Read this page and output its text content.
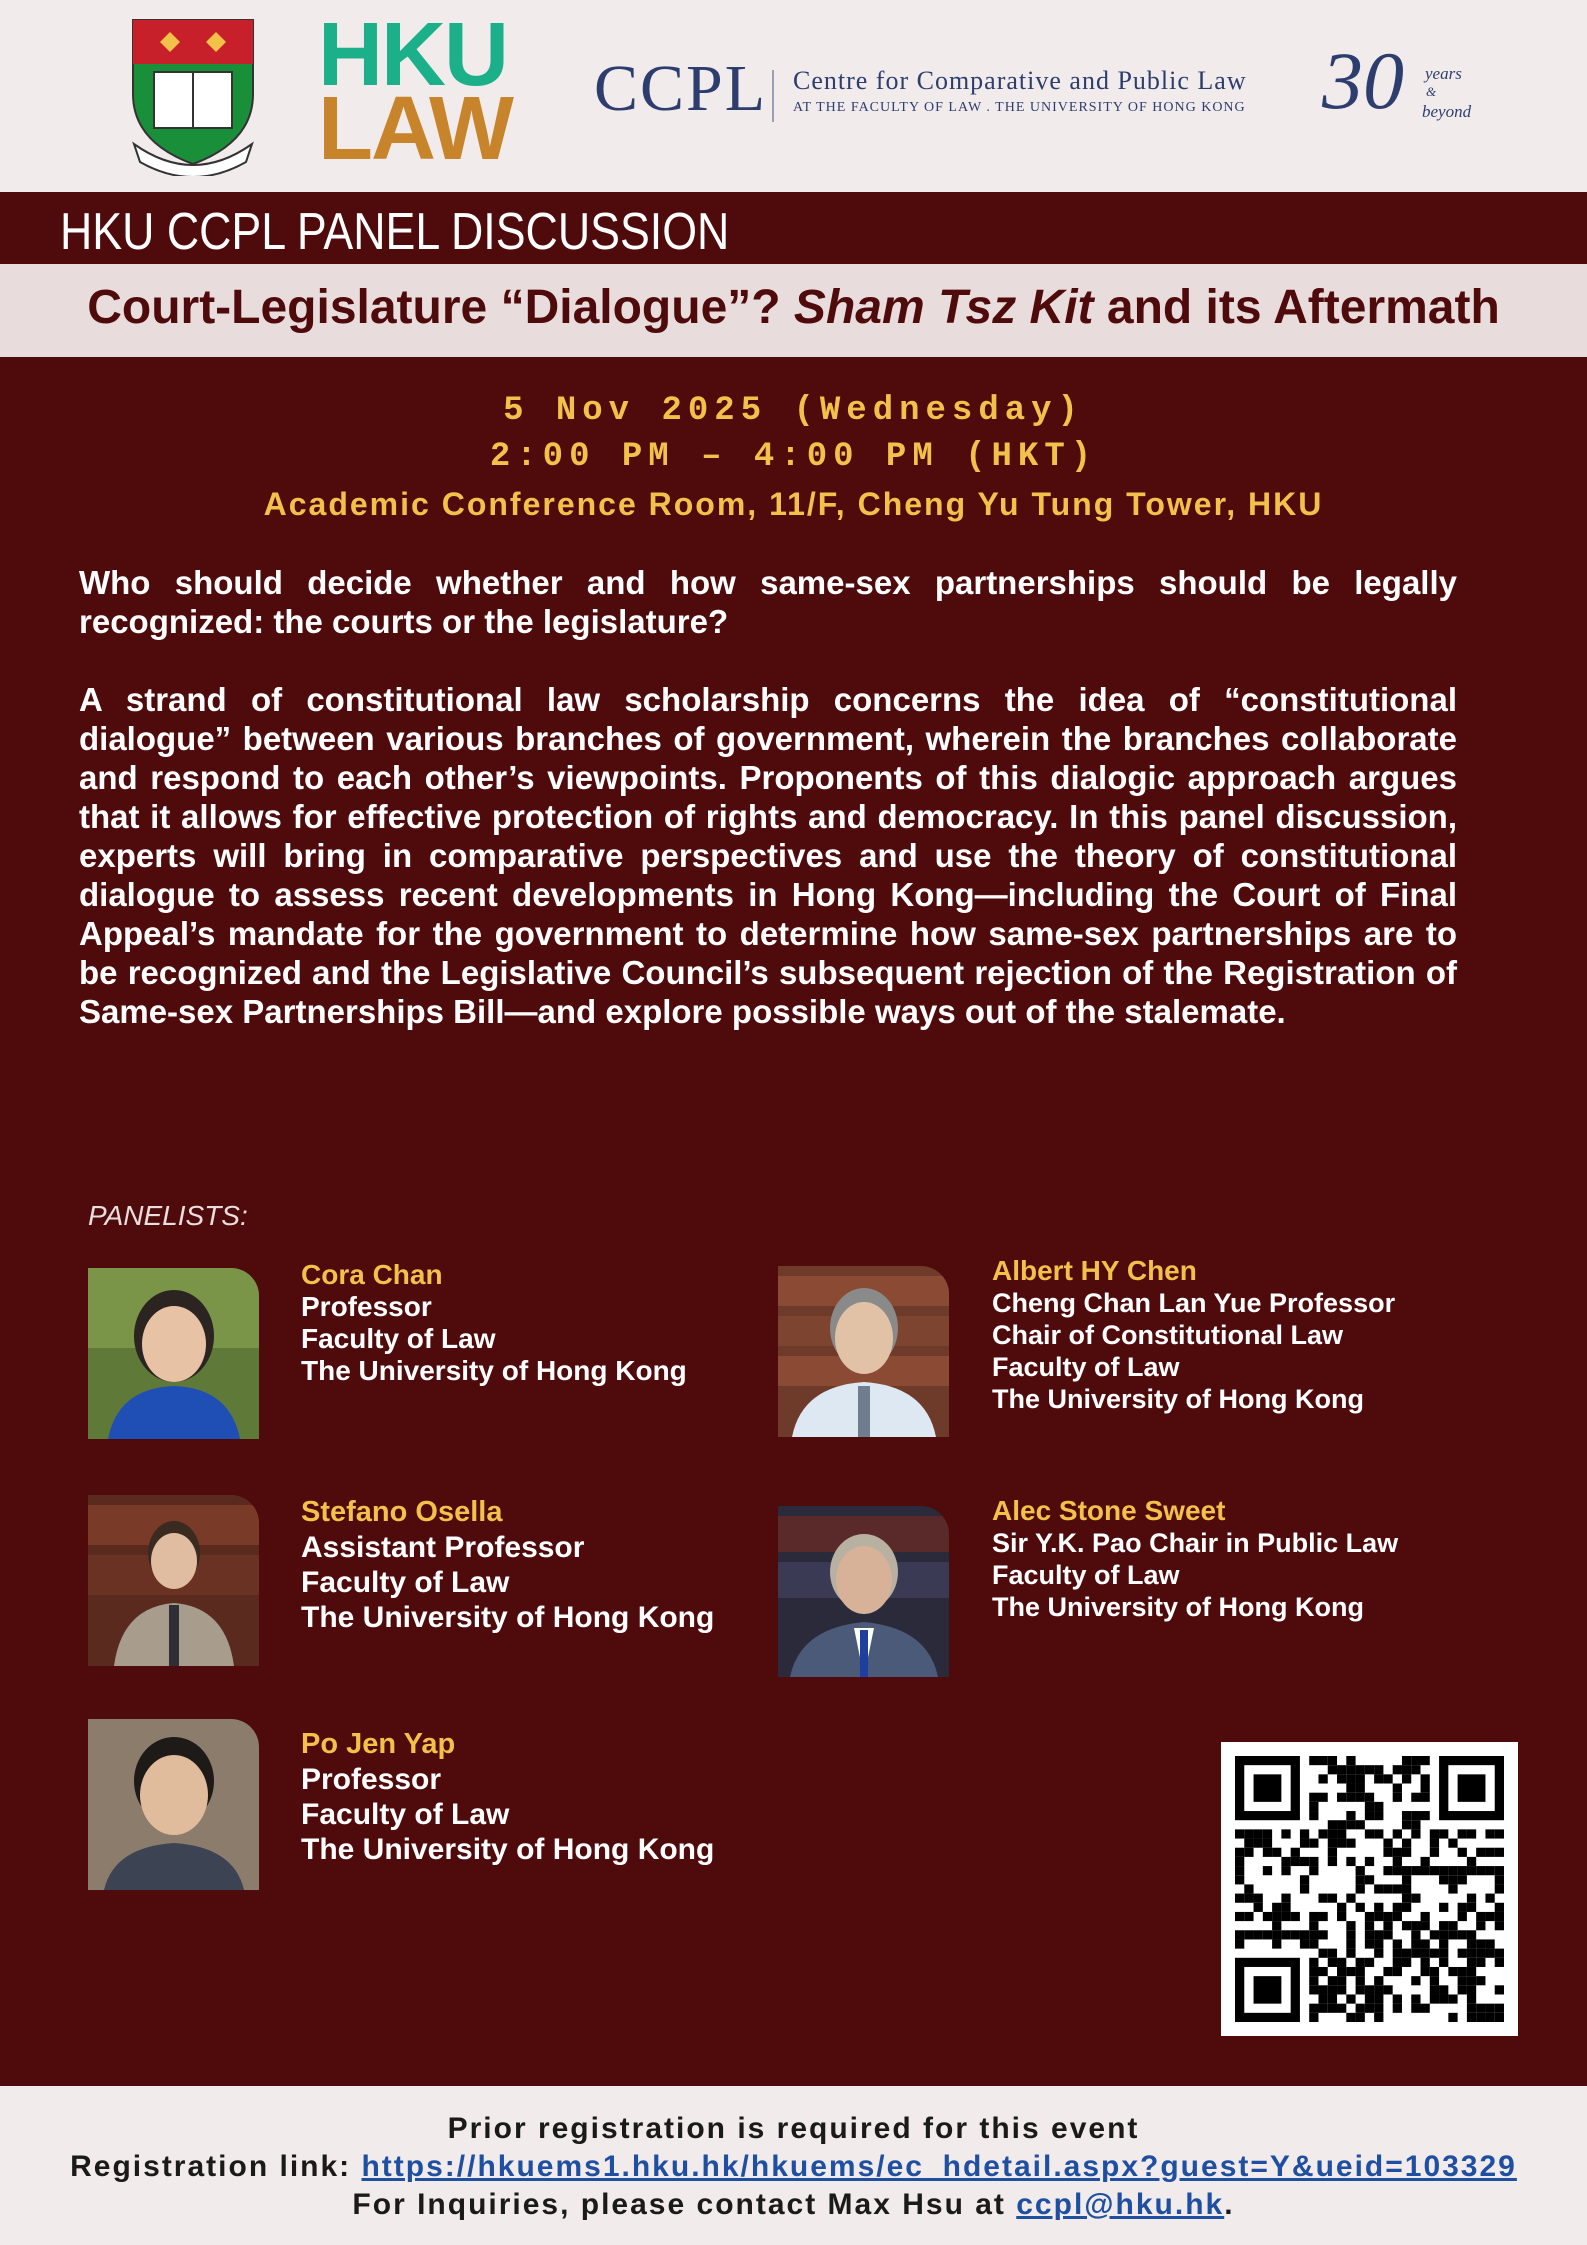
HKU
LAW CCPL Centre for Comparative and Public Law
AT THE FACULTY OF LAW . THE UNIVERSITY OF HONG KONG 30 years
&
beyond
HKU CCPL PANEL DISCUSSION
Court-Legislature “Dialogue”? Sham Tsz Kit and its Aftermath
5 Nov 2025 (Wednesday)
2:00 PM – 4:00 PM (HKT)
Academic Conference Room, 11/F, Cheng Yu Tung Tower, HKU

Who should decide whether and how same-sex partnerships should be legally recognized: the courts or the legislature?

A strand of constitutional law scholarship concerns the idea of “constitutional dialogue” between various branches of government, wherein the branches collaborate and respond to each other’s viewpoints. Proponents of this dialogic approach argues that it allows for effective protection of rights and democracy. In this panel discussion, experts will bring in comparative perspectives and use the theory of constitutional dialogue to assess recent developments in Hong Kong—including the Court of Final Appeal’s mandate for the government to determine how same-sex partnerships are to be recognized and the Legislative Council’s subsequent rejection of the Registration of Same-sex Partnerships Bill—and explore possible ways out of the stalemate.

PANELISTS:
Cora Chan
Professor
Faculty of Law
The University of Hong Kong
Albert HY Chen
Cheng Chan Lan Yue Professor
Chair of Constitutional Law
Faculty of Law
The University of Hong Kong
Stefano Osella
Assistant Professor
Faculty of Law
The University of Hong Kong
Alec Stone Sweet
Sir Y.K. Pao Chair in Public Law
Faculty of Law
The University of Hong Kong
Po Jen Yap
Professor
Faculty of Law
The University of Hong Kong
Prior registration is required for this event
Registration link: https://hkuems1.hku.hk/hkuems/ec_hdetail.aspx?guest=Y&ueid=103329
For Inquiries, please contact Max Hsu at ccpl@hku.hk.
